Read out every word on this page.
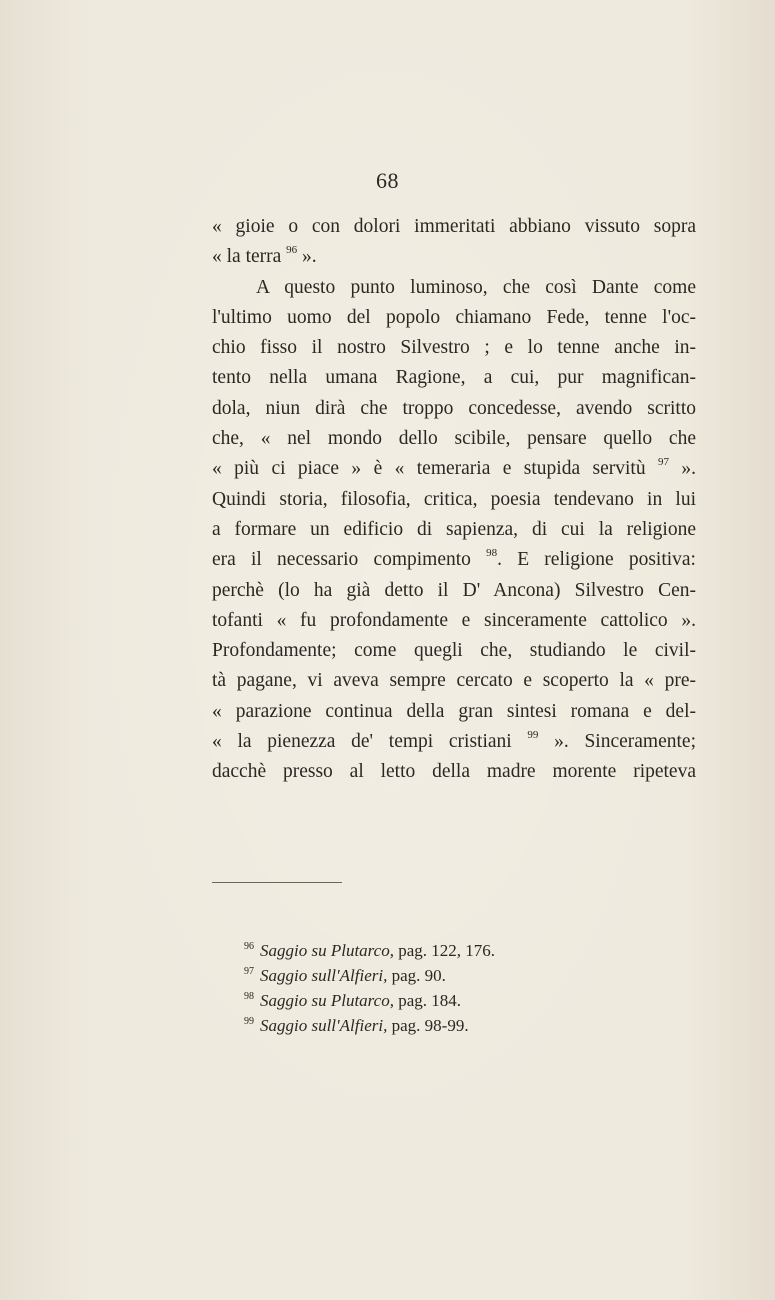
68
« gioie o con dolori immeritati abbiano vissuto sopra
« la terra $^{96}$ ».
A questo punto luminoso, che così Dante come
l'ultimo uomo del popolo chiamano Fede, tenne l'oc-
chio fisso il nostro Silvestro ; e lo tenne anche in-
tento nella umana Ragione, a cui, pur magnifican-
dola, niun dirà che troppo concedesse, avendo scritto
che, « nel mondo dello scibile, pensare quello che
« più ci piace » è « temeraria e stupida servitù $^{97}$ ».
Quindi storia, filosofia, critica, poesia tendevano in lui
a formare un edificio di sapienza, di cui la religione
era il necessario compimento $^{98}$. E religione positiva:
perchè (lo ha già detto il D' Ancona) Silvestro Cen-
tofanti « fu profondamente e sinceramente cattolico ».
Profondamente; come quegli che, studiando le civil-
tà pagane, vi aveva sempre cercato e scoperto la « pre-
« parazione continua della gran sintesi romana e del-
« la pienezza de' tempi cristiani $^{99}$ ». Sinceramente;
dacchè presso al letto della madre morente ripeteva
$^{96}$ Saggio su Plutarco, pag. 122, 176.
$^{97}$ Saggio sull'Alfieri, pag. 90.
$^{98}$ Saggio su Plutarco, pag. 184.
$^{99}$ Saggio sull'Alfieri, pag. 98-99.
